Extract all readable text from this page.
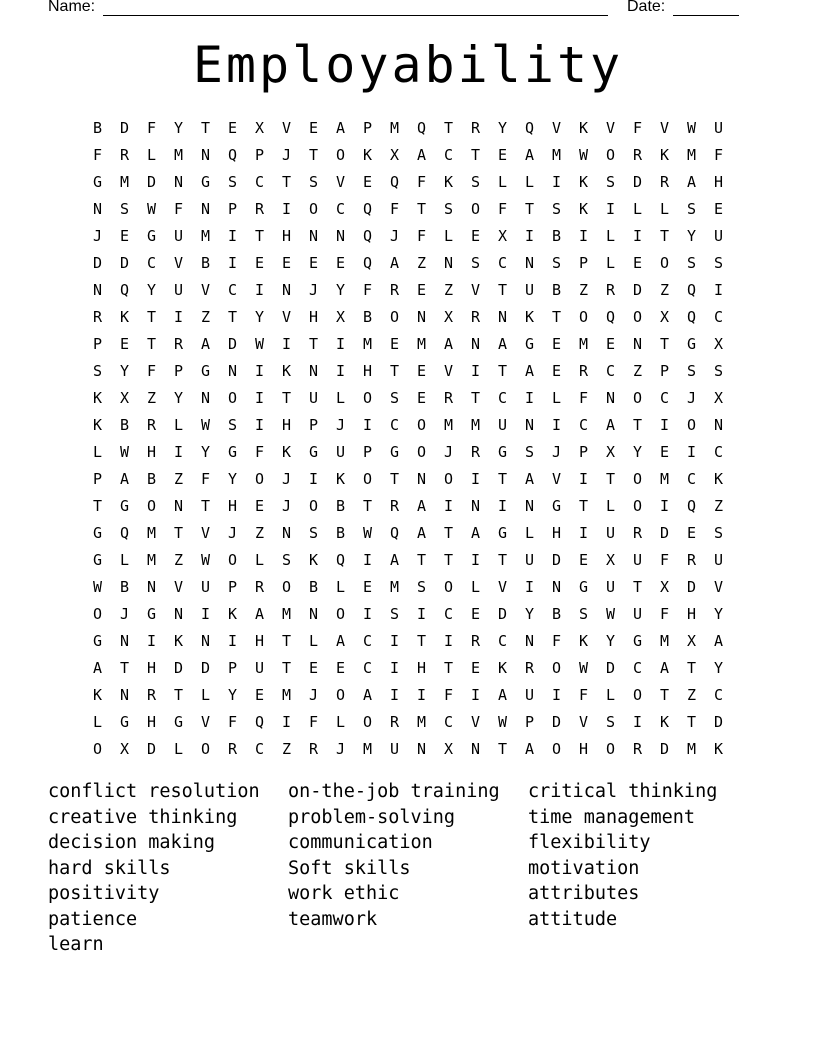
Name:	Date:
Employability
B	D	F	Y	T	E	X	V	E	A	P	M	Q	T	R	Y	Q	V	K	V	F	V	W	U
F	R	L	M	N	Q	P	J	T	O	K	X	A	C	T	E	A	M	W	O	R	K	M	F
G	M	D	N	G	S	C	T	S	V	E	Q	F	K	S	L	L	I	K	S	D	R	A	H
N	S	W	F	N	P	R	I	O	C	Q	F	T	S	O	F	T	S	K	I	L	L	S	E
J	E	G	U	M	I	T	H	N	N	Q	J	F	L	E	X	I	B	I	L	I	T	Y	U
D	D	C	V	B	I	E	E	E	E	Q	A	Z	N	S	C	N	S	P	L	E	O	S	S
N	Q	Y	U	V	C	I	N	J	Y	F	R	E	Z	V	T	U	B	Z	R	D	Z	Q	I
R	K	T	I	Z	T	Y	V	H	X	B	O	N	X	R	N	K	T	O	Q	O	X	Q	C
P	E	T	R	A	D	W	I	T	I	M	E	M	A	N	A	G	E	M	E	N	T	G	X
S	Y	F	P	G	N	I	K	N	I	H	T	E	V	I	T	A	E	R	C	Z	P	S	S
K	X	Z	Y	N	O	I	T	U	L	O	S	E	R	T	C	I	L	F	N	O	C	J	X
K	B	R	L	W	S	I	H	P	J	I	C	O	M	M	U	N	I	C	A	T	I	O	N
L	W	H	I	Y	G	F	K	G	U	P	G	O	J	R	G	S	J	P	X	Y	E	I	C
P	A	B	Z	F	Y	O	J	I	K	O	T	N	O	I	T	A	V	I	T	O	M	C	K
T	G	O	N	T	H	E	J	O	B	T	R	A	I	N	I	N	G	T	L	O	I	Q	Z
G	Q	M	T	V	J	Z	N	S	B	W	Q	A	T	A	G	L	H	I	U	R	D	E	S
G	L	M	Z	W	O	L	S	K	Q	I	A	T	T	I	T	U	D	E	X	U	F	R	U
W	B	N	V	U	P	R	O	B	L	E	M	S	O	L	V	I	N	G	U	T	X	D	V
O	J	G	N	I	K	A	M	N	O	I	S	I	C	E	D	Y	B	S	W	U	F	H	Y
G	N	I	K	N	I	H	T	L	A	C	I	T	I	R	C	N	F	K	Y	G	M	X	A
A	T	H	D	D	P	U	T	E	E	C	I	H	T	E	K	R	O	W	D	C	A	T	Y
K	N	R	T	L	Y	E	M	J	O	A	I	I	F	I	A	U	I	F	L	O	T	Z	C
L	G	H	G	V	F	Q	I	F	L	O	R	M	C	V	W	P	D	V	S	I	K	T	D
O	X	D	L	O	R	C	Z	R	J	M	U	N	X	N	T	A	O	H	O	R	D	M	K
conflict resolution
creative thinking
decision making
hard skills
positivity
patience
learn
on-the-job training
problem-solving
communication
Soft skills
work ethic
teamwork
critical thinking
time management
flexibility
motivation
attributes
attitude
